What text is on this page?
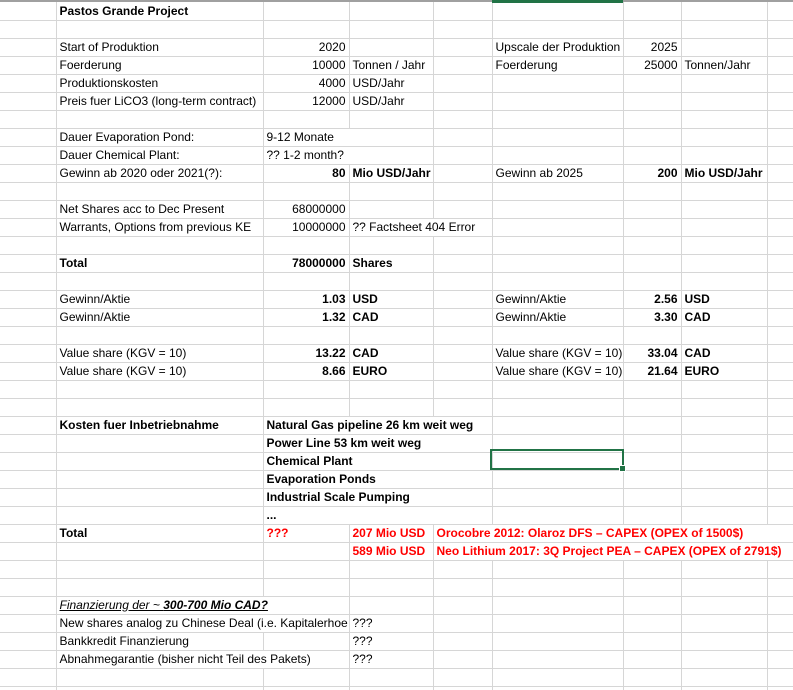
	Pastos Grande Project							

	Start of Produktion	2020			Upscale der Produktion	2025		
	Foerderung	10000	Tonnen / Jahr		Foerderung	25000	Tonnen/Jahr	
	Produktionskosten	4000	USD/Jahr					
	Preis fuer LiCO3 (long-term contract)	12000	USD/Jahr					

	Dauer Evaporation Pond:	9-12 Monate						
	Dauer Chemical Plant:	?? 1-2 month?						
	Gewinn ab 2020 oder 2021(?):	80	Mio USD/Jahr		Gewinn ab 2025	200	Mio USD/Jahr	

	Net Shares acc to Dec Present	68000000						
	Warrants, Options from previous KE	10000000	?? Factsheet 404 Error					

	Total	78000000	Shares					

	Gewinn/Aktie	1.03	USD		Gewinn/Aktie	2.56	USD	
	Gewinn/Aktie	1.32	CAD		Gewinn/Aktie	3.30	CAD	

	Value share (KGV = 10)	13.22	CAD		Value share (KGV = 10)	33.04	CAD	
	Value share (KGV = 10)	8.66	EURO		Value share (KGV = 10)	21.64	EURO	

	Kosten fuer Inbetriebnahme	Natural Gas pipeline 26 km weit weg						
		Power Line 53 km weit weg						
		Chemical Plant						
		Evaporation Ponds						
		Industrial Scale Pumping						
		...						
	Total	???	207 Mio USD	Orocobre 2012: Olaroz DFS – CAPEX (OPEX of 1500$)				
			589 Mio USD	Neo Lithium 2017: 3Q Project PEA – CAPEX (OPEX of 2791$)				

	Finanzierung der ~ 300-700 Mio CAD?							
	New shares analog zu Chinese Deal (i.e. Kapitalerhoe		???					
	Bankkredit Finanzierung		???					
	Abnahmegarantie (bisher nicht Teil des Pakets)		???					
